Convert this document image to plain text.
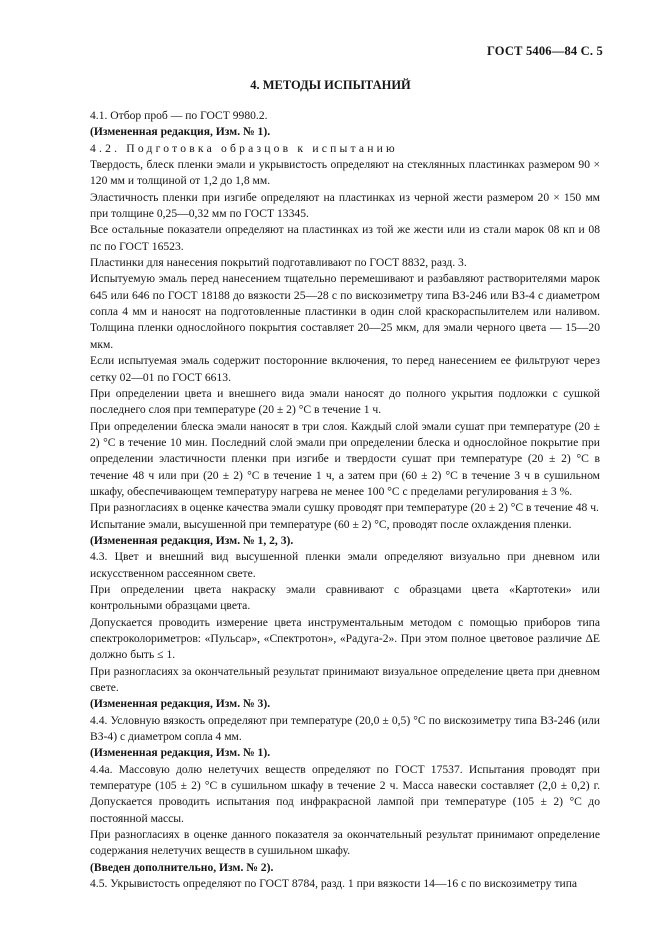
ГОСТ 5406—84 С. 5
4. МЕТОДЫ ИСПЫТАНИЙ

4.1. Отбор проб — по ГОСТ 9980.2.

(Измененная редакция, Изм. № 1).

4.2. Подготовка образцов к испытанию

Твердость, блеск пленки эмали и укрывистость определяют на стеклянных пластинках размером 90 × 120 мм и толщиной от 1,2 до 1,8 мм.

Эластичность пленки при изгибе определяют на пластинках из черной жести размером 20 × 150 мм при толщине 0,25—0,32 мм по ГОСТ 13345.

Все остальные показатели определяют на пластинках из той же жести или из стали марок 08 кп и 08 пс по ГОСТ 16523.

Пластинки для нанесения покрытий подготавливают по ГОСТ 8832, разд. 3.

Испытуемую эмаль перед нанесением тщательно перемешивают и разбавляют растворителями марок 645 или 646 по ГОСТ 18188 до вязкости 25—28 с по вискозиметру типа ВЗ-246 или ВЗ-4 с диаметром сопла 4 мм и наносят на подготовленные пластинки в один слой краскораспылителем или наливом. Толщина пленки однослойного покрытия составляет 20—25 мкм, для эмали черного цвета — 15—20 мкм.

Если испытуемая эмаль содержит посторонние включения, то перед нанесением ее фильтруют через сетку 02—01 по ГОСТ 6613.

При определении цвета и внешнего вида эмали наносят до полного укрытия подложки с сушкой последнего слоя при температуре (20 ± 2) °С в течение 1 ч.

При определении блеска эмали наносят в три слоя. Каждый слой эмали сушат при температуре (20 ± 2) °С в течение 10 мин. Последний слой эмали при определении блеска и однослойное покрытие при определении эластичности пленки при изгибе и твердости сушат при температуре (20 ± 2) °С в течение 48 ч или при (20 ± 2) °С в течение 1 ч, а затем при (60 ± 2) °С в течение 3 ч в сушильном шкафу, обеспечивающем температуру нагрева не менее 100 °С с пределами регулирования ± 3 %.

При разногласиях в оценке качества эмали сушку проводят при температуре (20 ± 2) °С в течение 48 ч.

Испытание эмали, высушенной при температуре (60 ± 2) °С, проводят после охлаждения пленки.

(Измененная редакция, Изм. № 1, 2, 3).

4.3. Цвет и внешний вид высушенной пленки эмали определяют визуально при дневном или искусственном рассеянном свете.

При определении цвета накраску эмали сравнивают с образцами цвета «Картотеки» или контрольными образцами цвета.

Допускается проводить измерение цвета инструментальным методом с помощью приборов типа спектроколориметров: «Пульсар», «Спектротон», «Радуга-2». При этом полное цветовое различие ΔE должно быть ≤ 1.

При разногласиях за окончательный результат принимают визуальное определение цвета при дневном свете.

(Измененная редакция, Изм. № 3).

4.4. Условную вязкость определяют при температуре (20,0 ± 0,5) °С по вискозиметру типа ВЗ-246 (или ВЗ-4) с диаметром сопла 4 мм.

(Измененная редакция, Изм. № 1).

4.4а. Массовую долю нелетучих веществ определяют по ГОСТ 17537. Испытания проводят при температуре (105 ± 2) °С в сушильном шкафу в течение 2 ч. Масса навески составляет (2,0 ± 0,2) г. Допускается проводить испытания под инфракрасной лампой при температуре (105 ± 2) °С до постоянной массы.

При разногласиях в оценке данного показателя за окончательный результат принимают определение содержания нелетучих веществ в сушильном шкафу.

(Введен дополнительно, Изм. № 2).

4.5. Укрывистость определяют по ГОСТ 8784, разд. 1 при вязкости 14—16 с по вискозиметру типа
